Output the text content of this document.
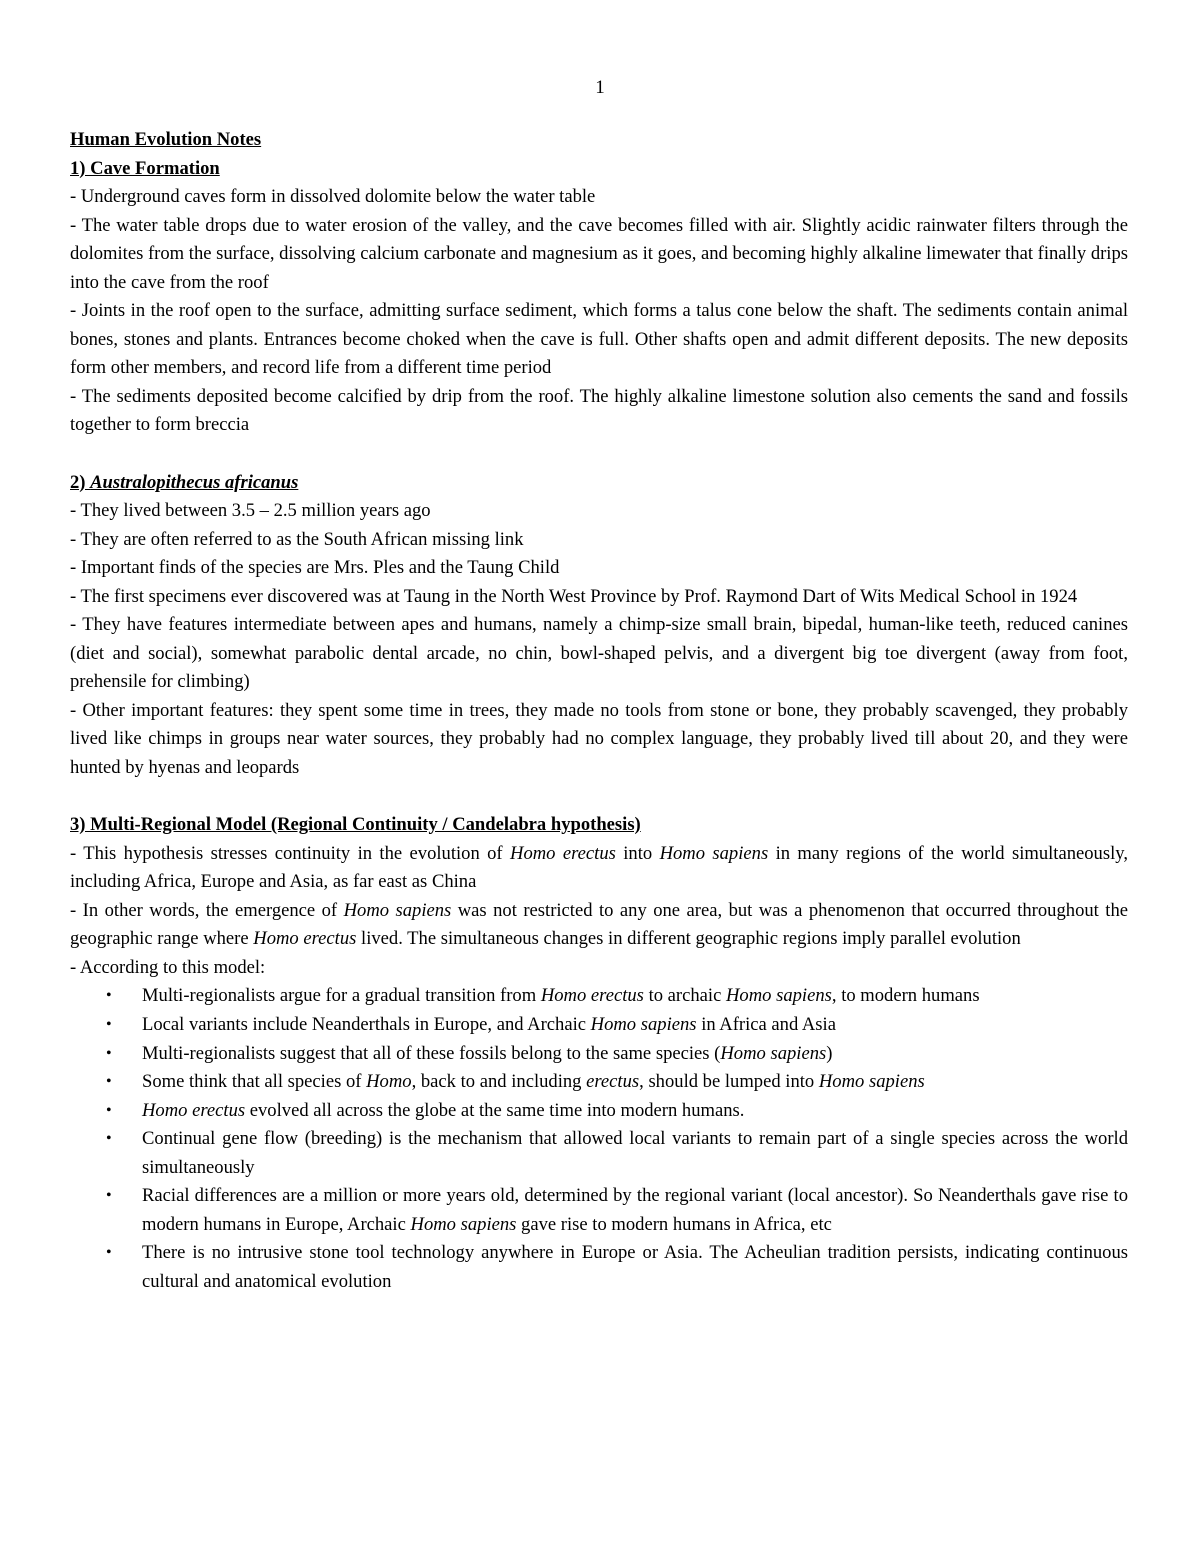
1

Human Evolution Notes

1) Cave Formation

- Underground caves form in dissolved dolomite below the water table

- The water table drops due to water erosion of the valley, and the cave becomes filled with air. Slightly acidic rainwater filters through the dolomites from the surface, dissolving calcium carbonate and magnesium as it goes, and becoming highly alkaline limewater that finally drips into the cave from the roof

- Joints in the roof open to the surface, admitting surface sediment, which forms a talus cone below the shaft. The sediments contain animal bones, stones and plants. Entrances become choked when the cave is full. Other shafts open and admit different deposits. The new deposits form other members, and record life from a different time period

- The sediments deposited become calcified by drip from the roof. The highly alkaline limestone solution also cements the sand and fossils together to form breccia

2) Australopithecus africanus

- They lived between 3.5 – 2.5 million years ago

- They are often referred to as the South African missing link

- Important finds of the species are Mrs. Ples and the Taung Child

- The first specimens ever discovered was at Taung in the North West Province by Prof. Raymond Dart of Wits Medical School in 1924

- They have features intermediate between apes and humans, namely a chimp-size small brain, bipedal, human-like teeth, reduced canines (diet and social), somewhat parabolic dental arcade, no chin, bowl-shaped pelvis, and a divergent big toe divergent (away from foot, prehensile for climbing)

- Other important features: they spent some time in trees, they made no tools from stone or bone, they probably scavenged, they probably lived like chimps in groups near water sources, they probably had no complex language, they probably lived till about 20, and they were hunted by hyenas and leopards

3) Multi-Regional Model (Regional Continuity / Candelabra hypothesis)

- This hypothesis stresses continuity in the evolution of Homo erectus into Homo sapiens in many regions of the world simultaneously, including Africa, Europe and Asia, as far east as China

- In other words, the emergence of Homo sapiens was not restricted to any one area, but was a phenomenon that occurred throughout the geographic range where Homo erectus lived. The simultaneous changes in different geographic regions imply parallel evolution

- According to this model:

• Multi-regionalists argue for a gradual transition from Homo erectus to archaic Homo sapiens, to modern humans
• Local variants include Neanderthals in Europe, and Archaic Homo sapiens in Africa and Asia
• Multi-regionalists suggest that all of these fossils belong to the same species (Homo sapiens)
• Some think that all species of Homo, back to and including erectus, should be lumped into Homo sapiens
• Homo erectus evolved all across the globe at the same time into modern humans.
• Continual gene flow (breeding) is the mechanism that allowed local variants to remain part of a single species across the world simultaneously
• Racial differences are a million or more years old, determined by the regional variant (local ancestor). So Neanderthals gave rise to modern humans in Europe, Archaic Homo sapiens gave rise to modern humans in Africa, etc
• There is no intrusive stone tool technology anywhere in Europe or Asia. The Acheulian tradition persists, indicating continuous cultural and anatomical evolution
